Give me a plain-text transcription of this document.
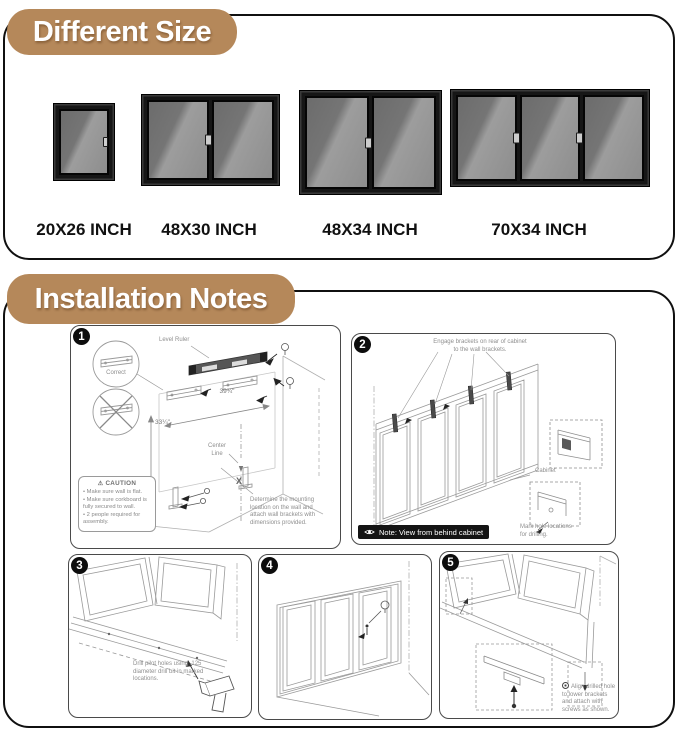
Different Size
20X26 INCH	48X30 INCH	48X34 INCH	70X34 INCH
Installation Notes
1	Level Ruler
Correct
39¾"
33¼"
Center Line
X
⚠ CAUTION
• Make sure wall is flat.
• Make sure corkboard is fully secured to wall.
• 2 people required for assembly.
Determine the mounting location on the wall and attach wall brackets with dimensions provided.
2	Engage brackets on rear of cabinet to the wall brackets.
Cabinet
Mark hole locations for drilling.
Note: View from behind cabinet
3
Drill pilot holes using .125 diameter drill bit in marked locations.
4	5
Align drilled hole to lower brackets and attach with screws as shown.
